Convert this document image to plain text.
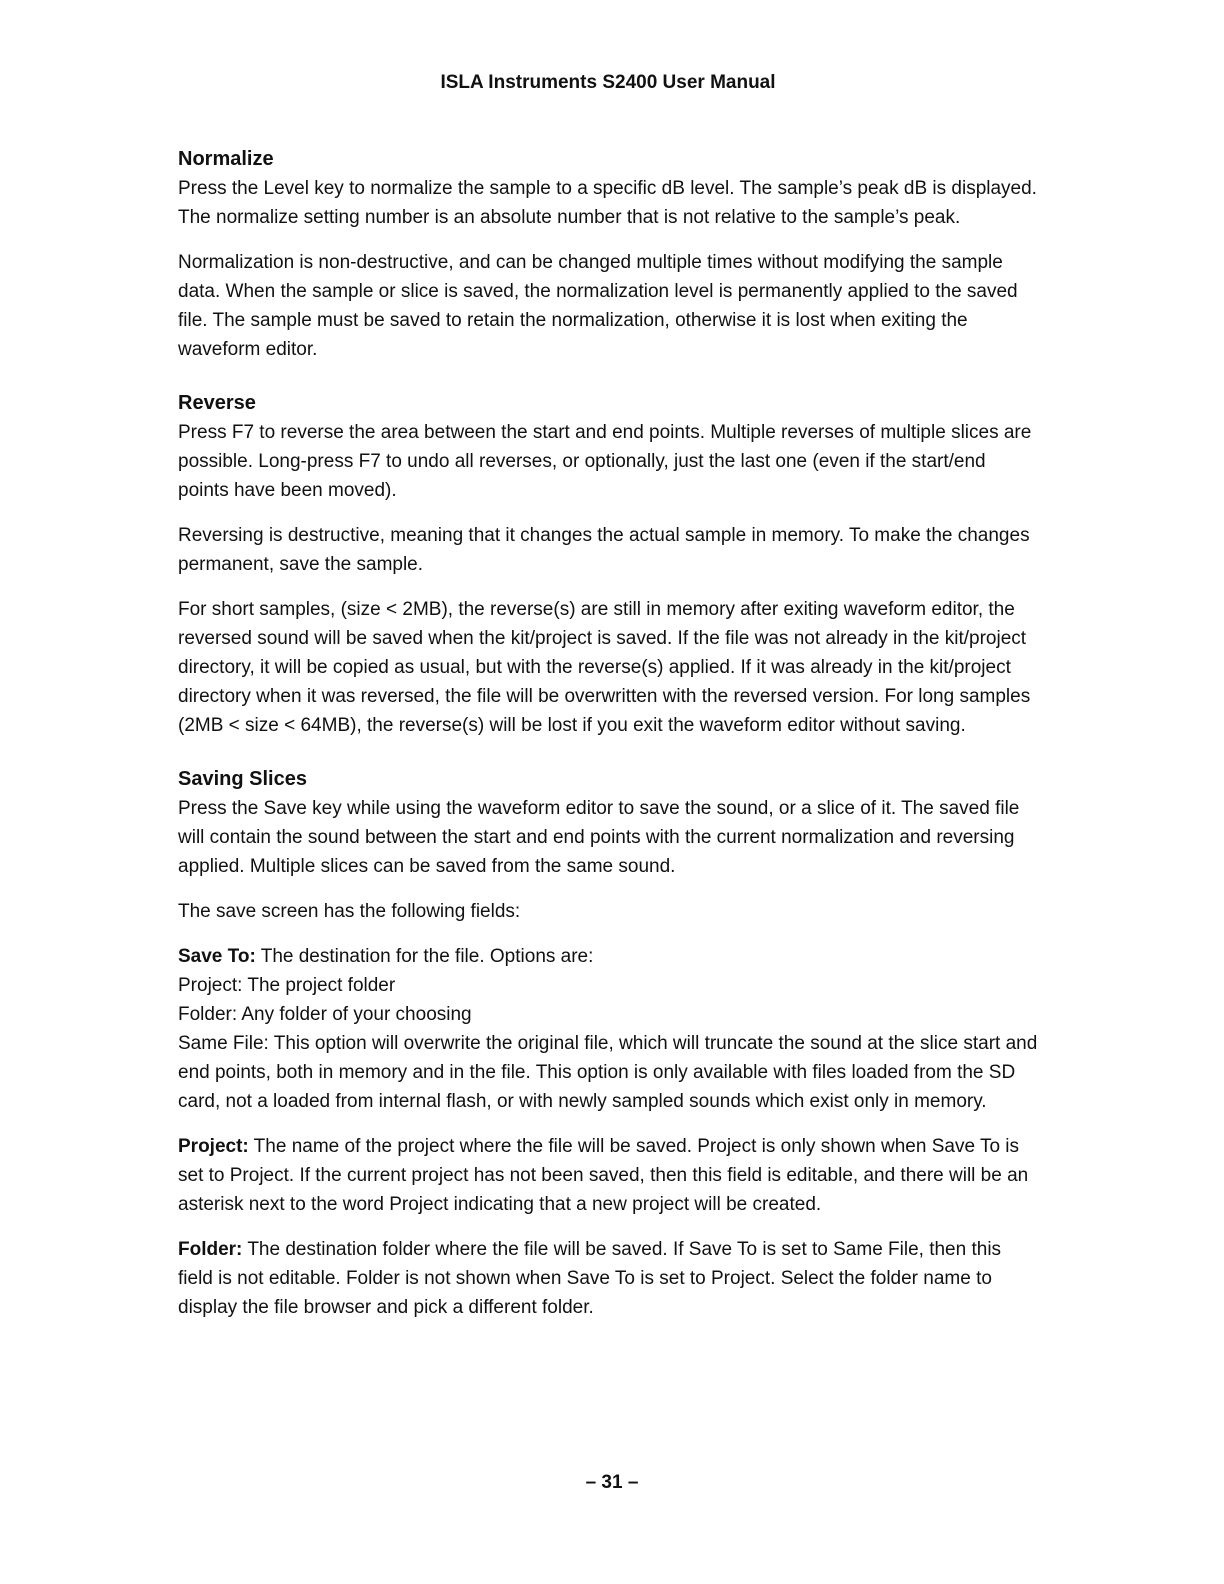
ISLA Instruments S2400 User Manual
Normalize

Press the Level key to normalize the sample to a specific dB level. The sample’s peak dB is displayed. The normalize setting number is an absolute number that is not relative to the sample’s peak.

Normalization is non-destructive, and can be changed multiple times without modifying the sample data. When the sample or slice is saved, the normalization level is permanently applied to the saved file. The sample must be saved to retain the normalization, otherwise it is lost when exiting the waveform editor.

Reverse

Press F7 to reverse the area between the start and end points. Multiple reverses of multiple slices are possible. Long-press F7 to undo all reverses, or optionally, just the last one (even if the start/end points have been moved).

Reversing is destructive, meaning that it changes the actual sample in memory. To make the changes permanent, save the sample.

For short samples, (size < 2MB), the reverse(s) are still in memory after exiting waveform editor, the reversed sound will be saved when the kit/project is saved. If the file was not already in the kit/project directory, it will be copied as usual, but with the reverse(s) applied. If it was already in the kit/project directory when it was reversed, the file will be overwritten with the reversed version. For long samples (2MB < size < 64MB), the reverse(s) will be lost if you exit the waveform editor without saving.

Saving Slices

Press the Save key while using the waveform editor to save the sound, or a slice of it. The saved file will contain the sound between the start and end points with the current normalization and reversing applied. Multiple slices can be saved from the same sound.

The save screen has the following fields:

Save To: The destination for the file. Options are:

Project: The project folder

Folder: Any folder of your choosing

Same File: This option will overwrite the original file, which will truncate the sound at the slice start and end points, both in memory and in the file. This option is only available with files loaded from the SD card, not a loaded from internal flash, or with newly sampled sounds which exist only in memory.

Project: The name of the project where the file will be saved. Project is only shown when Save To is set to Project. If the current project has not been saved, then this field is editable, and there will be an asterisk next to the word Project indicating that a new project will be created.

Folder: The destination folder where the file will be saved. If Save To is set to Same File, then this field is not editable. Folder is not shown when Save To is set to Project. Select the folder name to display the file browser and pick a different folder.

– 31 –
